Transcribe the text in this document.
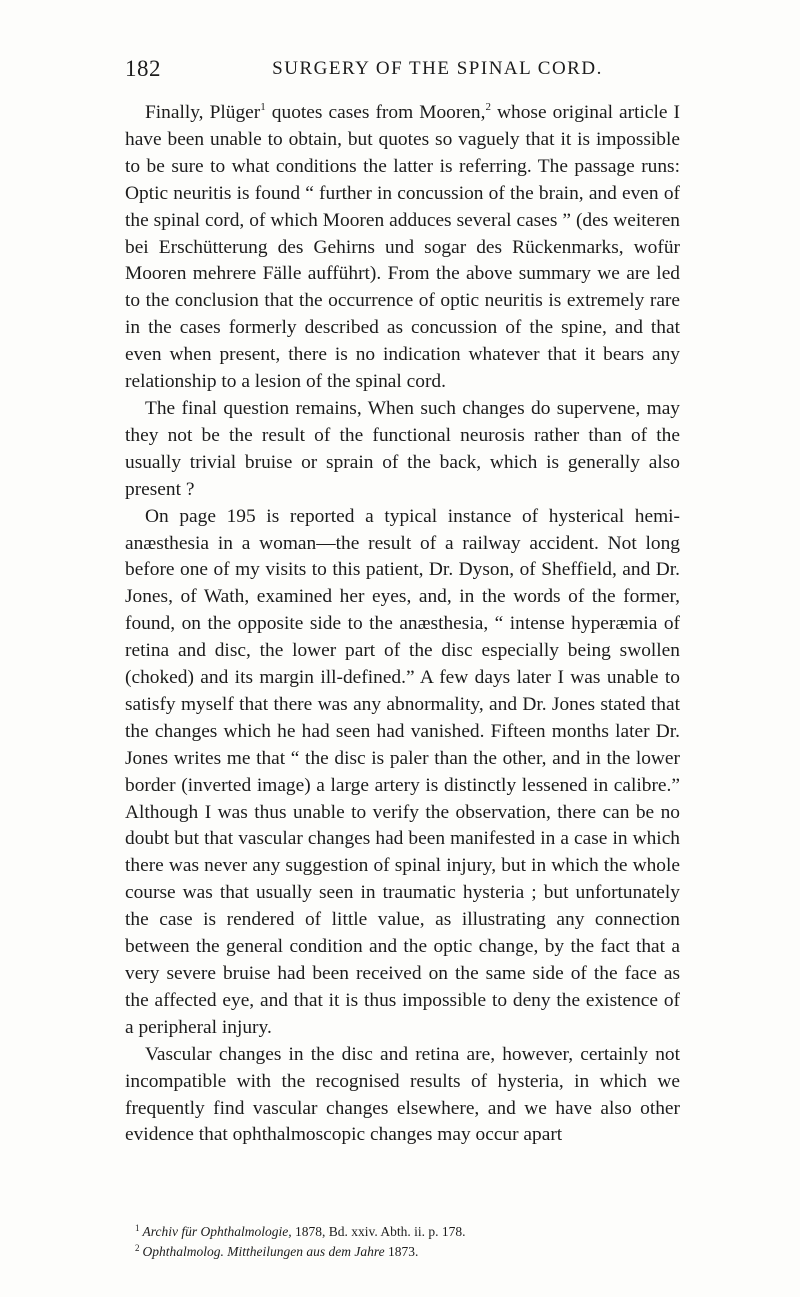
182	SURGERY OF THE SPINAL CORD.

Finally, Plüger$^1$ quotes cases from Mooren,$^2$ whose original article I have been unable to obtain, but quotes so vaguely that it is impossible to be sure to what conditions the latter is referring. The passage runs: Optic neuritis is found “ further in concussion of the brain, and even of the spinal cord, of which Mooren adduces several cases ” (des weiteren bei Erschütterung des Gehirns und sogar des Rückenmarks, wofür Mooren mehrere Fälle aufführt). From the above summary we are led to the conclusion that the occurrence of optic neuritis is extremely rare in the cases formerly described as concussion of the spine, and that even when present, there is no indication whatever that it bears any relationship to a lesion of the spinal cord.

The final question remains, When such changes do supervene, may they not be the result of the functional neurosis rather than of the usually trivial bruise or sprain of the back, which is generally also present ?

On page 195 is reported a typical instance of hysterical hemi-anæsthesia in a woman—the result of a railway accident. Not long before one of my visits to this patient, Dr. Dyson, of Sheffield, and Dr. Jones, of Wath, examined her eyes, and, in the words of the former, found, on the opposite side to the anæsthesia, “ intense hyperæmia of retina and disc, the lower part of the disc especially being swollen (choked) and its margin ill-defined.” A few days later I was unable to satisfy myself that there was any abnormality, and Dr. Jones stated that the changes which he had seen had vanished. Fifteen months later Dr. Jones writes me that “ the disc is paler than the other, and in the lower border (inverted image) a large artery is distinctly lessened in calibre.” Although I was thus unable to verify the observation, there can be no doubt but that vascular changes had been manifested in a case in which there was never any suggestion of spinal injury, but in which the whole course was that usually seen in traumatic hysteria ; but unfortunately the case is rendered of little value, as illustrating any connection between the general condition and the optic change, by the fact that a very severe bruise had been received on the same side of the face as the affected eye, and that it is thus impossible to deny the existence of a peripheral injury.

Vascular changes in the disc and retina are, however, certainly not incompatible with the recognised results of hysteria, in which we frequently find vascular changes elsewhere, and we have also other evidence that ophthalmoscopic changes may occur apart

$^1$ Archiv für Ophthalmologie, 1878, Bd. xxiv. Abth. ii. p. 178.
$^2$ Ophthalmolog. Mittheilungen aus dem Jahre 1873.
